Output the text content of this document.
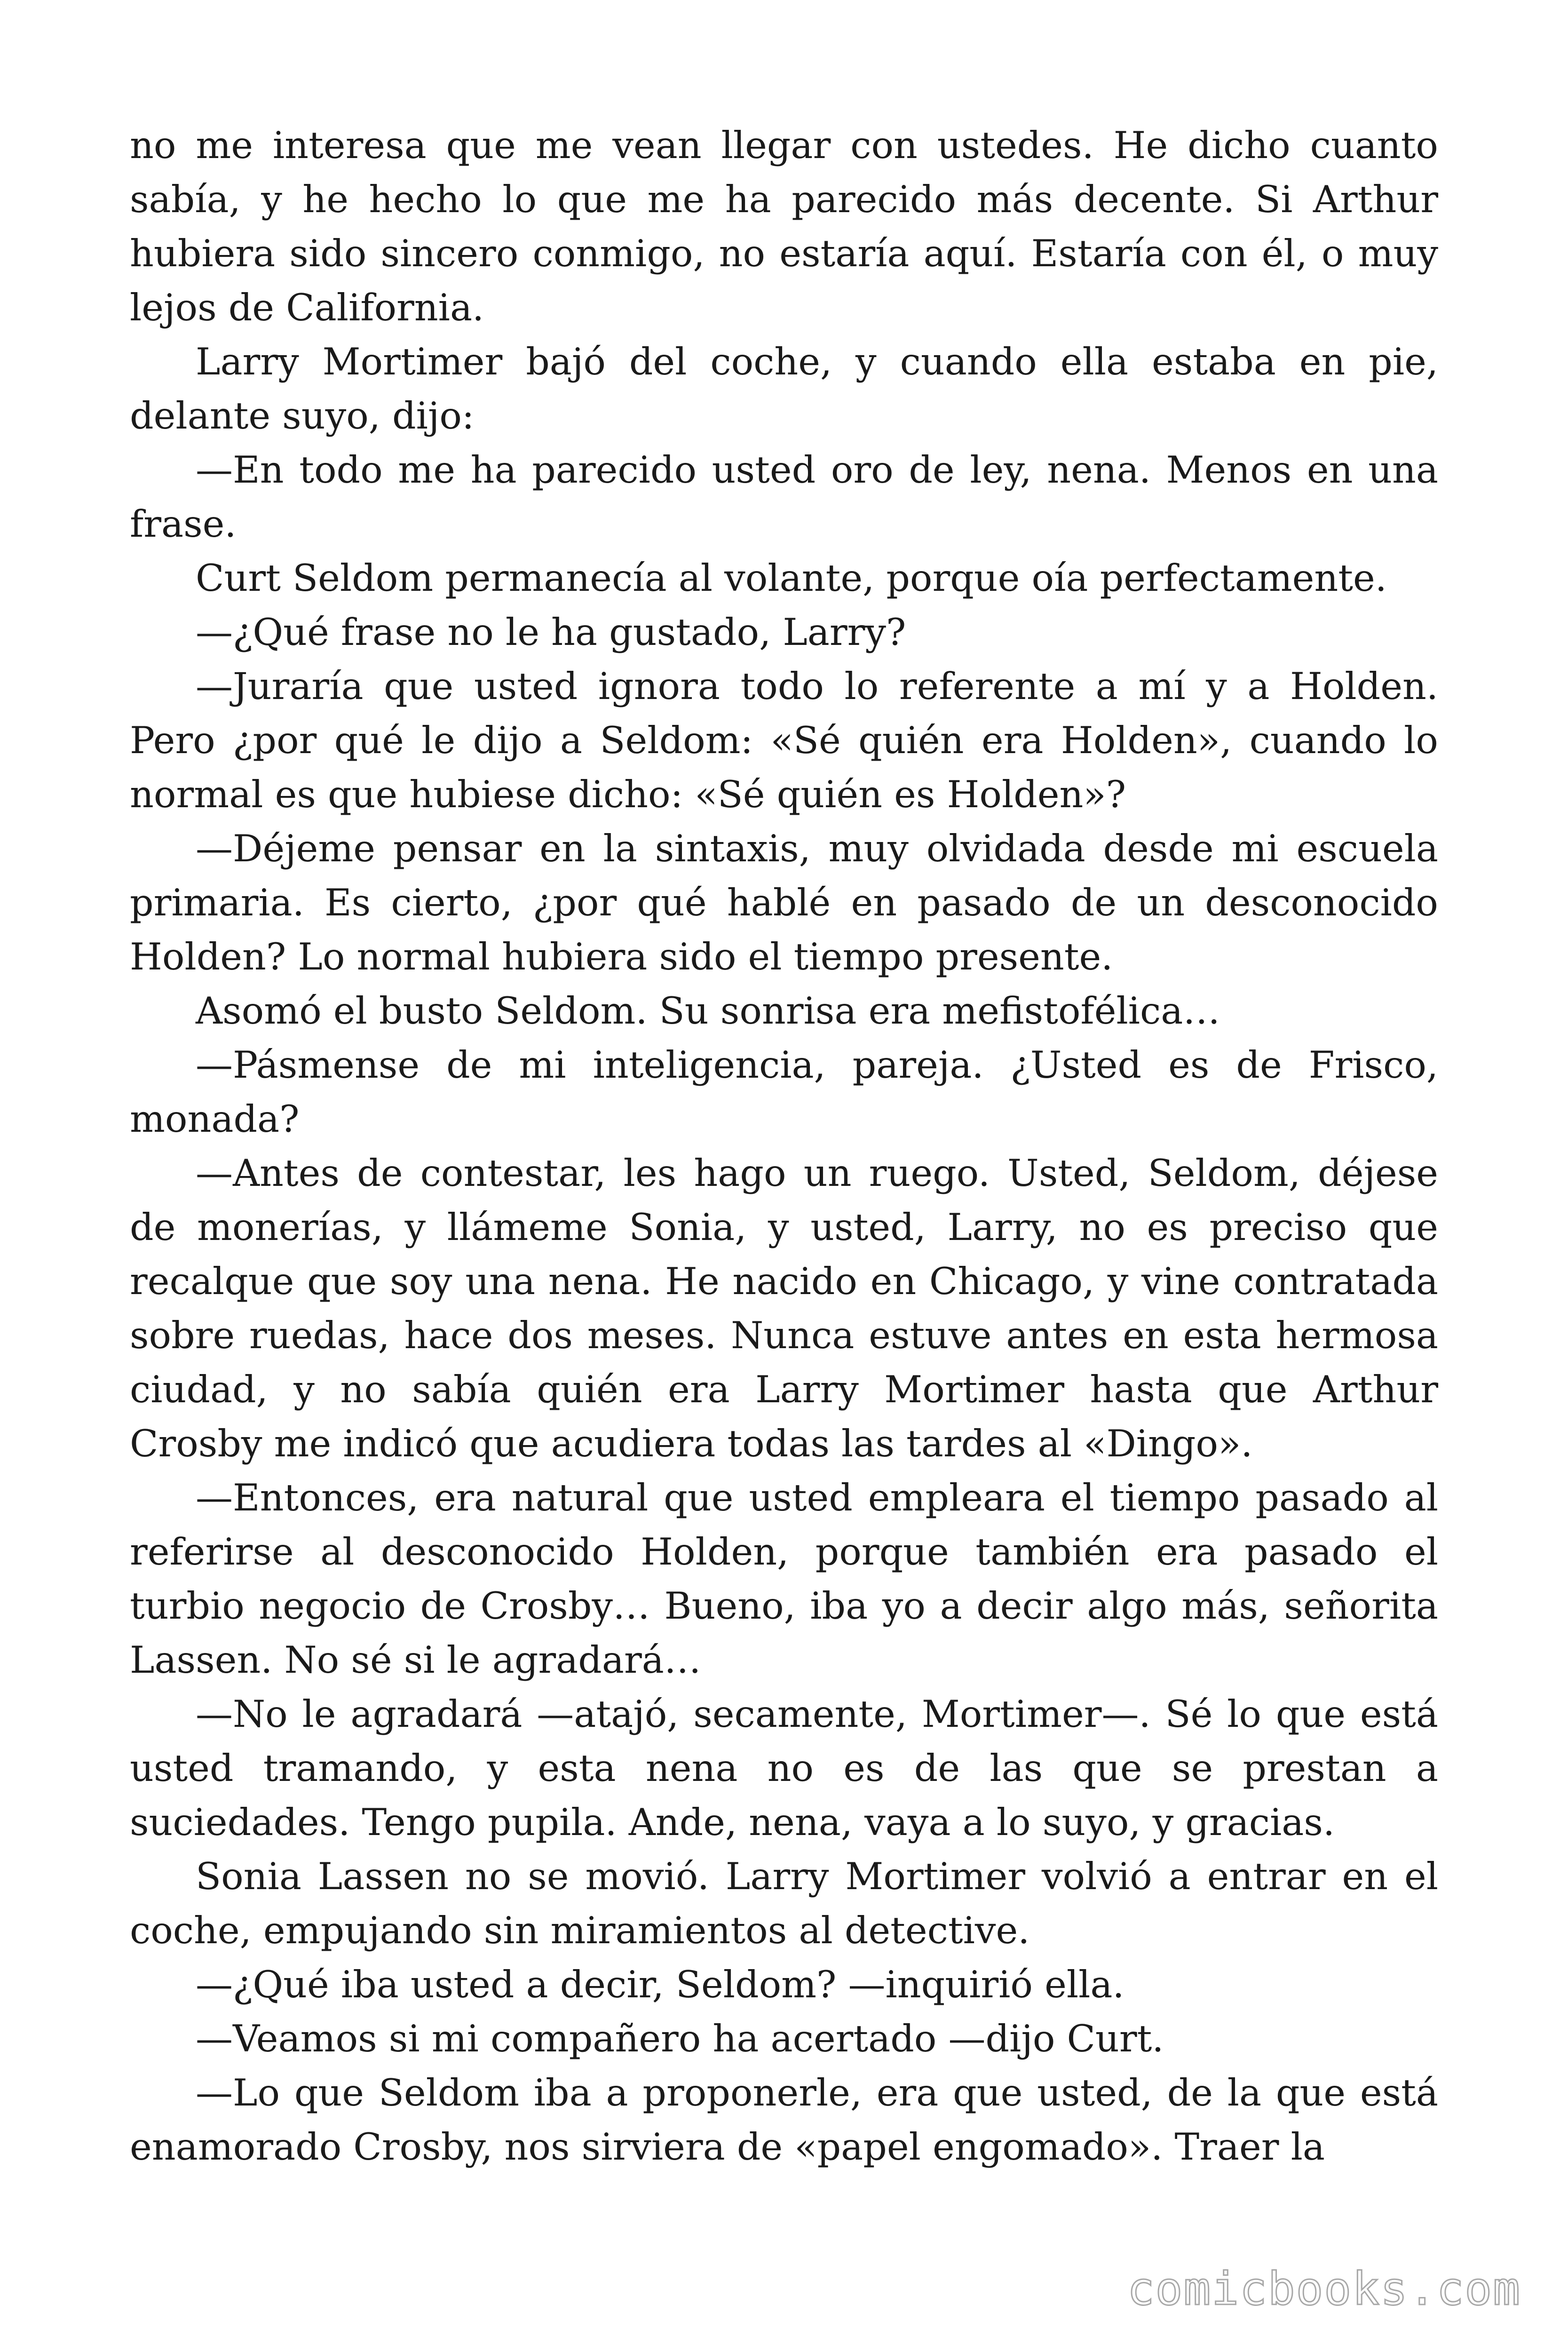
no me interesa que me vean llegar con ustedes. He dicho cuanto sabía, y he hecho lo que me ha parecido más decente. Si Arthur hubiera sido sincero conmigo, no estaría aquí. Estaría con él, o muy lejos de California.

Larry Mortimer bajó del coche, y cuando ella estaba en pie, delante suyo, dijo:

—En todo me ha parecido usted oro de ley, nena. Menos en una frase.

Curt Seldom permanecía al volante, porque oía perfectamente.

—¿Qué frase no le ha gustado, Larry?

—Juraría que usted ignora todo lo referente a mí y a Holden. Pero ¿por qué le dijo a Seldom: «Sé quién era Holden», cuando lo normal es que hubiese dicho: «Sé quién es Holden»?

—Déjeme pensar en la sintaxis, muy olvidada desde mi escuela primaria. Es cierto, ¿por qué hablé en pasado de un desconocido Holden? Lo normal hubiera sido el tiempo presente.

Asomó el busto Seldom. Su sonrisa era mefistofélica…

—Pásmense de mi inteligencia, pareja. ¿Usted es de Frisco, monada?

—Antes de contestar, les hago un ruego. Usted, Seldom, déjese de monerías, y llámeme Sonia, y usted, Larry, no es preciso que recalque que soy una nena. He nacido en Chicago, y vine contratada sobre ruedas, hace dos meses. Nunca estuve antes en esta hermosa ciudad, y no sabía quién era Larry Mortimer hasta que Arthur Crosby me indicó que acudiera todas las tardes al «Dingo».

—Entonces, era natural que usted empleara el tiempo pasado al referirse al desconocido Holden, porque también era pasado el turbio negocio de Crosby… Bueno, iba yo a decir algo más, señorita Lassen. No sé si le agradará…

—No le agradará —atajó, secamente, Mortimer—. Sé lo que está usted tramando, y esta nena no es de las que se prestan a suciedades. Tengo pupila. Ande, nena, vaya a lo suyo, y gracias.

Sonia Lassen no se movió. Larry Mortimer volvió a entrar en el coche, empujando sin miramientos al detective.

—¿Qué iba usted a decir, Seldom? —inquirió ella.

—Veamos si mi compañero ha acertado —dijo Curt.

—Lo que Seldom iba a proponerle, era que usted, de la que está enamorado Crosby, nos sirviera de «papel engomado». Traer la

comicbooks.com
